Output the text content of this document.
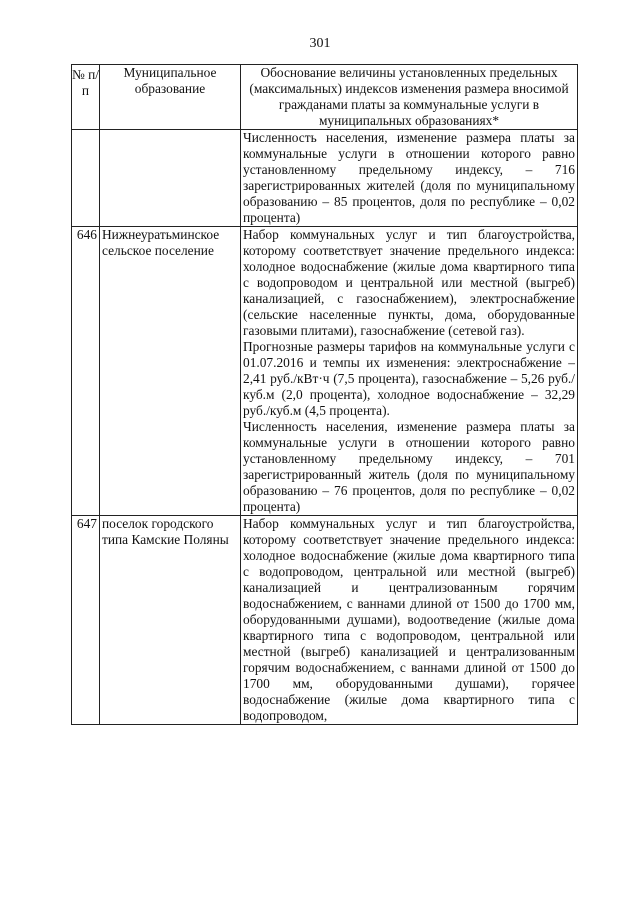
301
№ п/п	Муниципальное образование	Обоснование величины установленных предельных (максимальных) индексов изменения размера вносимой гражданами платы за коммунальные услуги в муниципальных образованиях*

		Численность населения, изменение размера платы за коммунальные услуги в отношении которого равно установленному предельному индексу, – 716 зарегистрированных жителей (доля по муниципальному образованию – 85 процентов, доля по республике – 0,02 процента)

646	Нижнеуратьминское сельское поселение	Набор коммунальных услуг и тип благоустройства, которому соответствует значение предельного индекса: холодное водоснабжение (жилые дома квартирного типа с водопроводом и центральной или местной (выгреб) канализацией, с газоснабжением), электроснабжение (сельские населенные пункты, дома, оборудованные газовыми плитами), газоснабжение (сетевой газ).

Прогнозные размеры тарифов на коммунальные услуги с 01.07.2016 и темпы их изменения: электроснабжение – 2,41 руб./кВт·ч (7,5 процента), газоснабжение – 5,26 руб./куб.м (2,0 процента), холодное водоснабжение – 32,29 руб./куб.м (4,5 процента).

Численность населения, изменение размера платы за коммунальные услуги в отношении которого равно установленному предельному индексу, – 701 зарегистрированный житель (доля по муниципальному образованию – 76 процентов, доля по республике – 0,02 процента)

647	поселок городского типа Камские Поляны	Набор коммунальных услуг и тип благоустройства, которому соответствует значение предельного индекса: холодное водоснабжение (жилые дома квартирного типа с водопроводом, центральной или местной (выгреб) канализацией и централизованным горячим водоснабжением, с ваннами длиной от 1500 до 1700 мм, оборудованными душами), водоотведение (жилые дома квартирного типа с водопроводом, центральной или местной (выгреб) канализацией и централизованным горячим водоснабжением, с ваннами длиной от 1500 до 1700 мм, оборудованными душами), горячее водоснабжение (жилые дома квартирного типа с водопроводом,
